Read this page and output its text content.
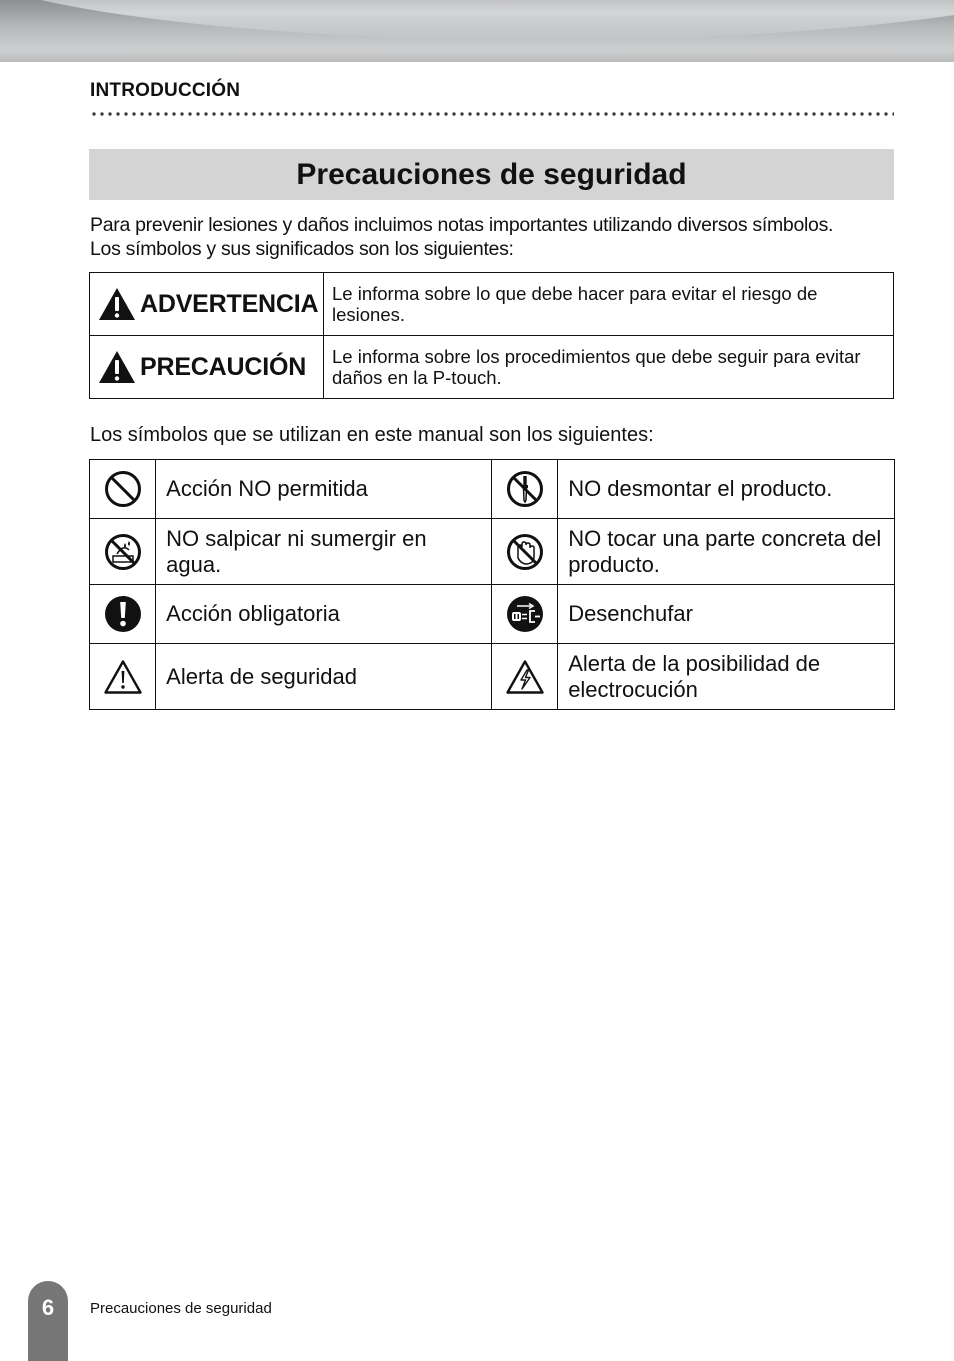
INTRODUCCIÓN
Precauciones de seguridad
Para prevenir lesiones y daños incluimos notas importantes utilizando diversos símbolos.
Los símbolos y sus significados son los siguientes:
ADVERTENCIA	Le informa sobre lo que debe hacer para evitar el riesgo de lesiones.

PRECAUCIÓN	Le informa sobre los procedimientos que debe seguir para evitar daños en la P-touch.
Los símbolos que se utilizan en este manual son los siguientes:
	Acción NO permitida		NO desmontar el producto.

	NO salpicar ni sumergir en agua.		NO tocar una parte concreta del producto.

	Acción obligatoria		Desenchufar

	Alerta de seguridad		Alerta de la posibilidad de electrocución
6 Precauciones de seguridad
